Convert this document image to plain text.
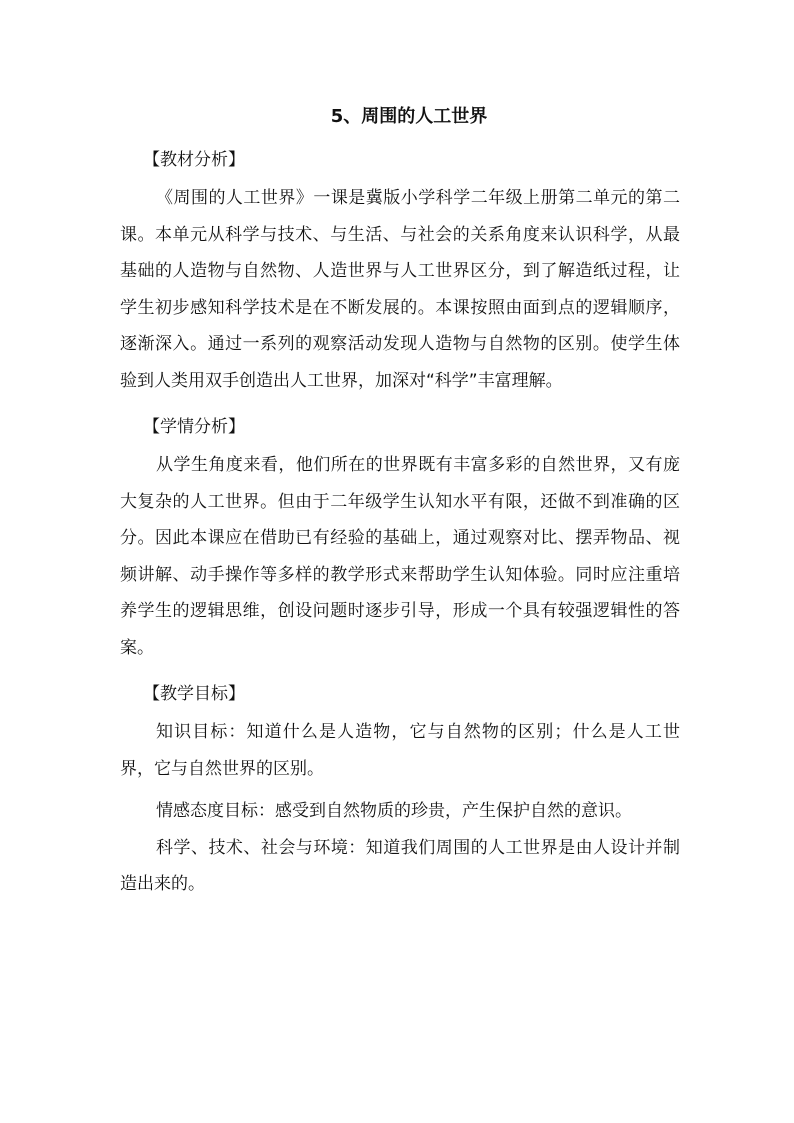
5、周围的人工世界

【教材分析】

《周围的人工世界》一课是冀版小学科学二年级上册第二单元的第二课。本单元从科学与技术、与生活、与社会的关系角度来认识科学，从最基础的人造物与自然物、人造世界与人工世界区分，到了解造纸过程，让学生初步感知科学技术是在不断发展的。本课按照由面到点的逻辑顺序，逐渐深入。通过一系列的观察活动发现人造物与自然物的区别。使学生体验到人类用双手创造出人工世界，加深对“科学”丰富理解。

【学情分析】

从学生角度来看，他们所在的世界既有丰富多彩的自然世界，又有庞大复杂的人工世界。但由于二年级学生认知水平有限，还做不到准确的区分。因此本课应在借助已有经验的基础上，通过观察对比、摆弄物品、视频讲解、动手操作等多样的教学形式来帮助学生认知体验。同时应注重培养学生的逻辑思维，创设问题时逐步引导，形成一个具有较强逻辑性的答案。

【教学目标】

知识目标：知道什么是人造物，它与自然物的区别；什么是人工世界，它与自然世界的区别。

情感态度目标：感受到自然物质的珍贵，产生保护自然的意识。

科学、技术、社会与环境：知道我们周围的人工世界是由人设计并制造出来的。
